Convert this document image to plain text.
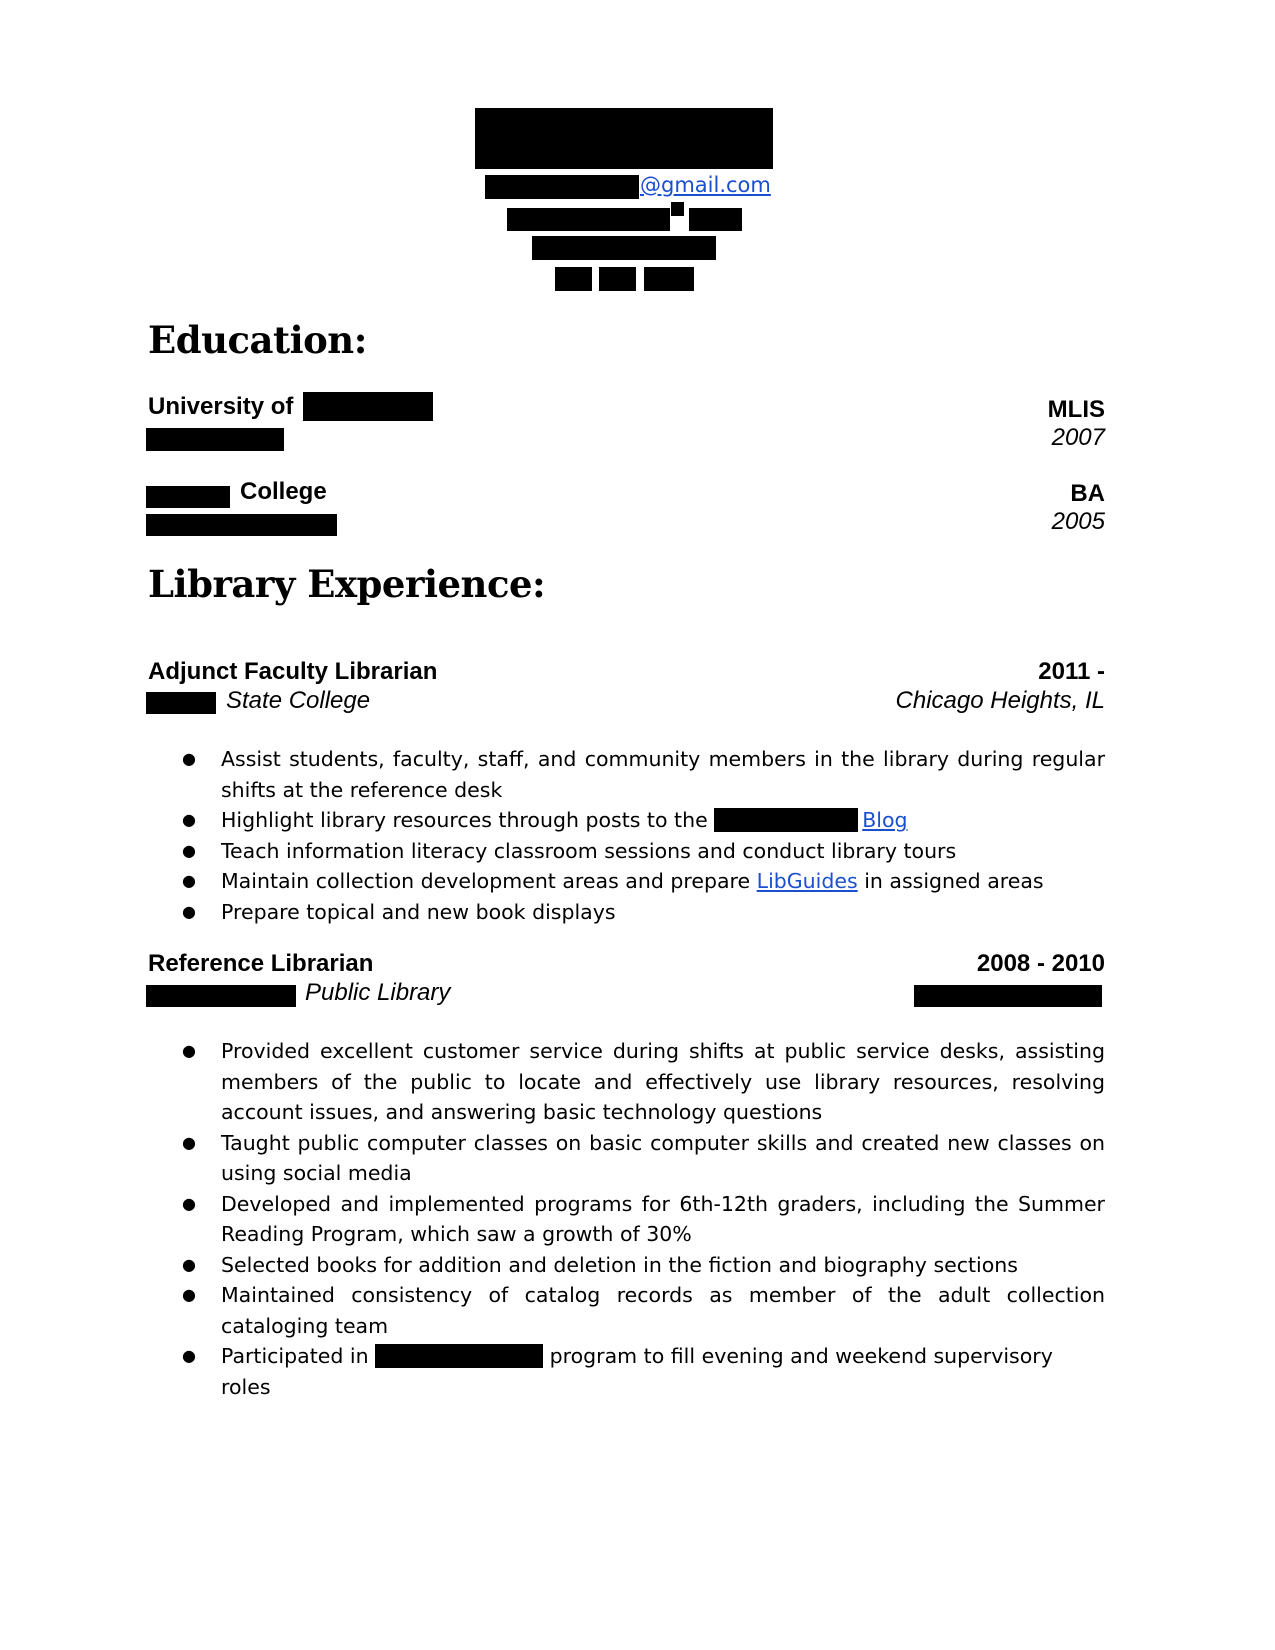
@gmail.com
Education:
University of	MLIS
2007
College	BA
2005
Library Experience:
Adjunct Faculty Librarian	2011 -
State College	Chicago Heights, IL
● Assist students, faculty, staff, and community members in the library during regular shifts at the reference desk
● Highlight library resources through posts to the	Blog
● Teach information literacy classroom sessions and conduct library tours
● Maintain collection development areas and prepare LibGuides in assigned areas
● Prepare topical and new book displays
Reference Librarian	2008 - 2010
Public Library
● Provided excellent customer service during shifts at public service desks, assisting members of the public to locate and effectively use library resources, resolving account issues, and answering basic technology questions
● Taught public computer classes on basic computer skills and created new classes on using social media
● Developed and implemented programs for 6th-12th graders, including the Summer Reading Program, which saw a growth of 30%
● Selected books for addition and deletion in the fiction and biography sections
● Maintained consistency of catalog records as member of the adult collection cataloging team
● Participated in	program to fill evening and weekend supervisory roles
